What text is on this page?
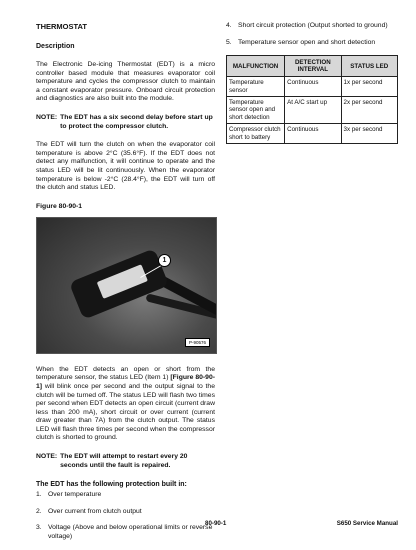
THERMOSTAT
Description

The Electronic De-icing Thermostat (EDT) is a micro controller based module that measures evaporator coil temperature and cycles the compressor clutch to maintain a constant evaporator pressure. Onboard circuit protection and diagnostics are also built into the module.

NOTE: The EDT has a six second delay before start up to protect the compressor clutch.

The EDT will turn the clutch on when the evaporator coil temperature is above 2°C (35.6°F). If the EDT does not detect any malfunction, it will continue to operate and the status LED will be lit continuously. When the evaporator temperature is below -2°C (28.4°F), the EDT will turn off the clutch and status LED.

Figure 80-90-1
1
P-90576

When the EDT detects an open or short from the temperature sensor, the status LED (Item 1) [Figure 80-90-1] will blink once per second and the output signal to the clutch will be turned off. The status LED will flash two times per second when EDT detects an open circuit (current draw less than 200 mA), short circuit or over current (current draw greater than 7A) from the clutch output. The status LED will flash three times per second when the compressor clutch is shorted to ground.

NOTE: The EDT will attempt to restart every 20 seconds until the fault is repaired.
The EDT has the following protection built in:
1. Over temperature
2. Over current from clutch output
3. Voltage (Above and below operational limits or reverse voltage)
4. Short circuit protection (Output shorted to ground)
5. Temperature sensor open and short detection
MALFUNCTION	DETECTION INTERVAL	STATUS LED
Temperature sensor	Continuous	1x per second
Temperature sensor open and short detection	At A/C start up	2x per second
Compressor clutch short to battery	Continuous	3x per second
80-90-1	S650 Service Manual
